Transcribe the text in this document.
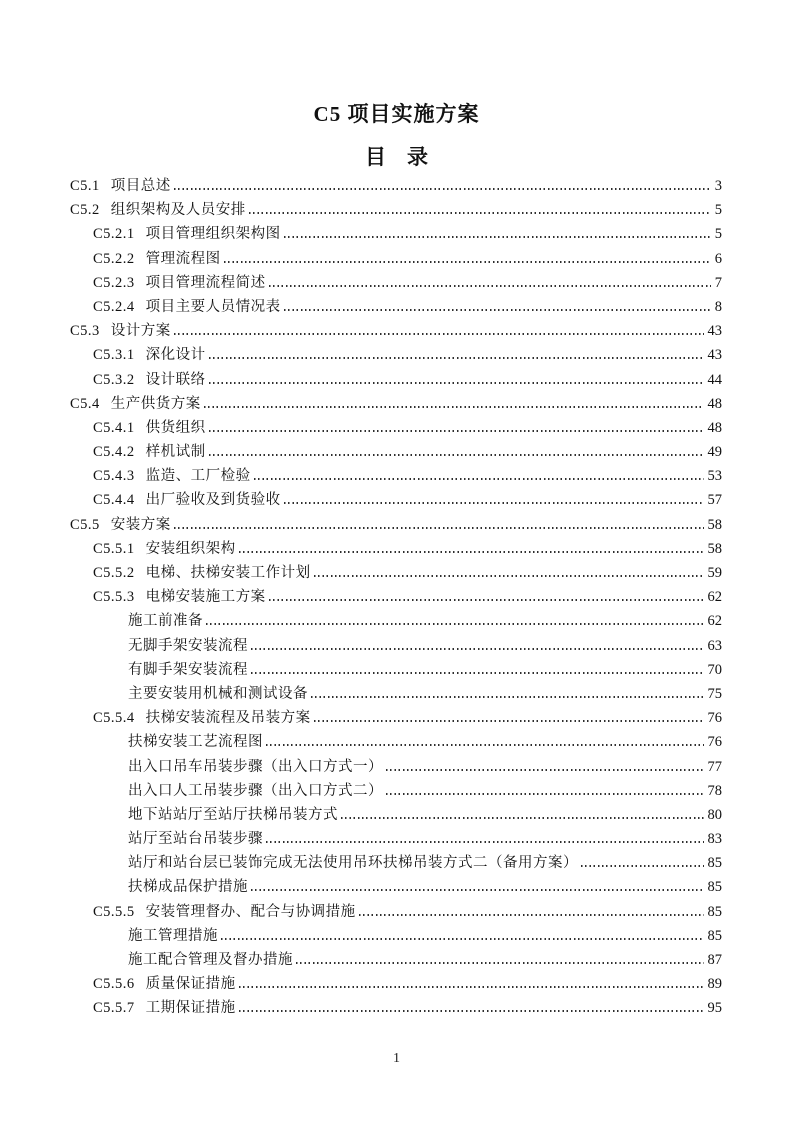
C5 项目实施方案
目　录
C5.1 项目总述	3
C5.2 组织架构及人员安排	5
C5.2.1 项目管理组织架构图	5
C5.2.2 管理流程图	6
C5.2.3 项目管理流程简述	7
C5.2.4 项目主要人员情况表	8
C5.3 设计方案	43
C5.3.1 深化设计	43
C5.3.2 设计联络	44
C5.4 生产供货方案	48
C5.4.1 供货组织	48
C5.4.2 样机试制	49
C5.4.3 监造、工厂检验	53
C5.4.4 出厂验收及到货验收	57
C5.5 安装方案	58
C5.5.1 安装组织架构	58
C5.5.2 电梯、扶梯安装工作计划	59
C5.5.3 电梯安装施工方案	62
施工前准备	62
无脚手架安装流程	63
有脚手架安装流程	70
主要安装用机械和测试设备	75
C5.5.4 扶梯安装流程及吊装方案	76
扶梯安装工艺流程图	76
出入口吊车吊装步骤（出入口方式一）	77
出入口人工吊装步骤（出入口方式二）	78
地下站站厅至站厅扶梯吊装方式	80
站厅至站台吊装步骤	83
站厅和站台层已装饰完成无法使用吊环扶梯吊装方式二（备用方案）	85
扶梯成品保护措施	85
C5.5.5 安装管理督办、配合与协调措施	85
施工管理措施	85
施工配合管理及督办措施	87
C5.5.6 质量保证措施	89
C5.5.7 工期保证措施	95
1
